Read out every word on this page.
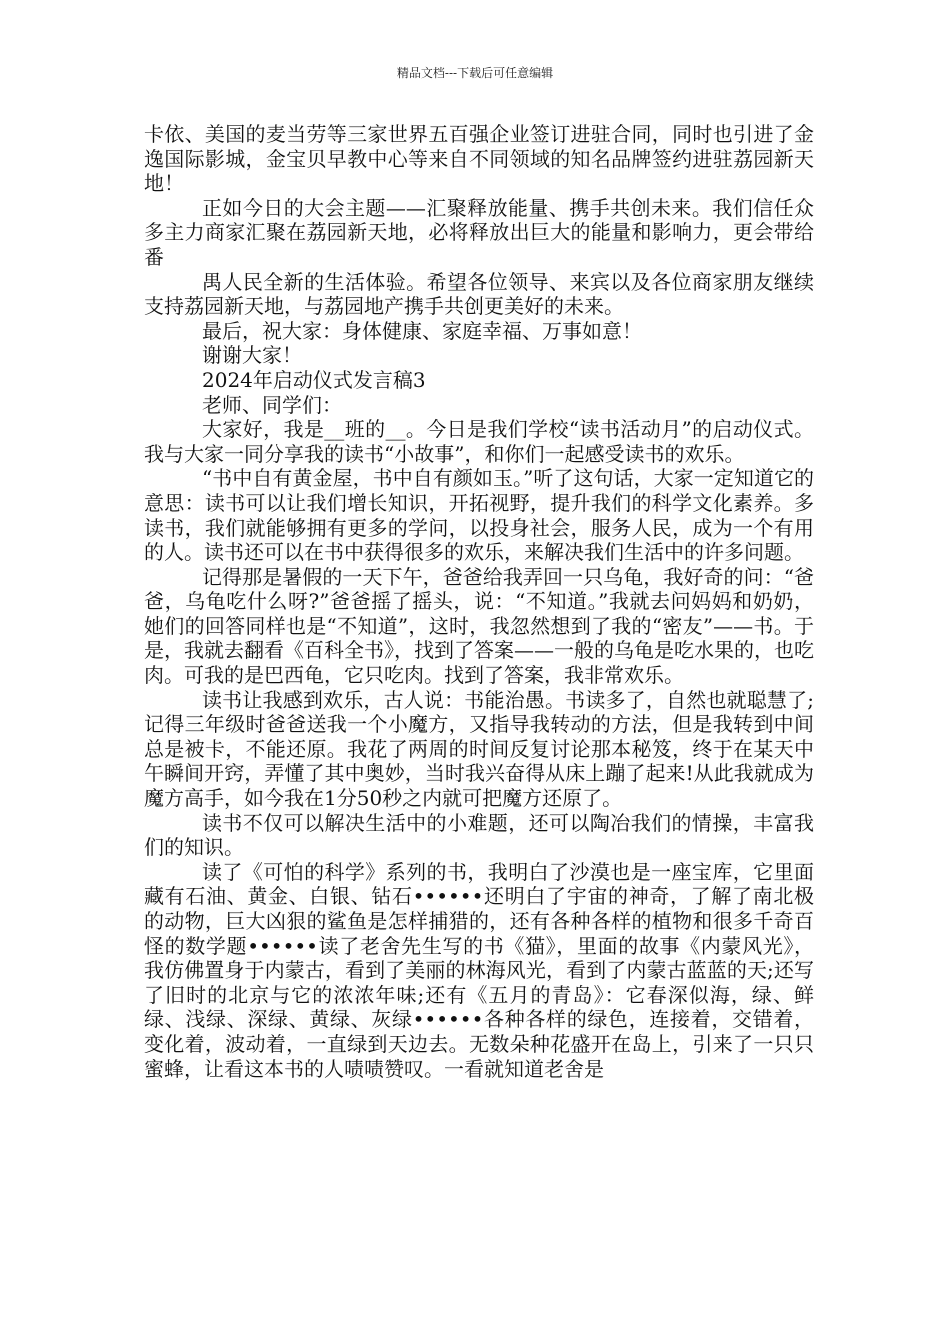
精品文档---下载后可任意编辑

卡依、美国的麦当劳等三家世界五百强企业签订进驻合同，同时也引进了金逸国际影城，金宝贝早教中心等来自不同领域的知名品牌签约进驻荔园新天地！

正如今日的大会主题——汇聚释放能量、携手共创未来。我们信任众多主力商家汇聚在荔园新天地，必将释放出巨大的能量和影响力，更会带给番

禺人民全新的生活体验。希望各位领导、来宾以及各位商家朋友继续支持荔园新天地，与荔园地产携手共创更美好的未来。

最后，祝大家：身体健康、家庭幸福、万事如意！

谢谢大家！

2024年启动仪式发言稿3

老师、同学们：

大家好，我是__班的__。今日是我们学校“读书活动月”的启动仪式。我与大家一同分享我的读书“小故事”，和你们一起感受读书的欢乐。

“书中自有黄金屋，书中自有颜如玉。”听了这句话，大家一定知道它的意思：读书可以让我们增长知识，开拓视野，提升我们的科学文化素养。多读书，我们就能够拥有更多的学问，以投身社会，服务人民，成为一个有用的人。读书还可以在书中获得很多的欢乐，来解决我们生活中的许多问题。

记得那是暑假的一天下午，爸爸给我弄回一只乌龟，我好奇的问：“爸爸，乌龟吃什么呀?”爸爸摇了摇头，说：“不知道。”我就去问妈妈和奶奶，她们的回答同样也是“不知道”，这时，我忽然想到了我的“密友”——书。于是，我就去翻看《百科全书》，找到了答案——一般的乌龟是吃水果的，也吃肉。可我的是巴西龟，它只吃肉。找到了答案，我非常欢乐。

读书让我感到欢乐，古人说：书能治愚。书读多了，自然也就聪慧了;记得三年级时爸爸送我一个小魔方，又指导我转动的方法，但是我转到中间总是被卡，不能还原。我花了两周的时间反复讨论那本秘笈，终于在某天中午瞬间开窍，弄懂了其中奥妙，当时我兴奋得从床上蹦了起来!从此我就成为魔方高手，如今我在1分50秒之内就可把魔方还原了。

读书不仅可以解决生活中的小难题，还可以陶冶我们的情操，丰富我们的知识。

读了《可怕的科学》系列的书，我明白了沙漠也是一座宝库，它里面藏有石油、黄金、白银、钻石••••••还明白了宇宙的神奇，了解了南北极的动物，巨大凶狠的鲨鱼是怎样捕猎的，还有各种各样的植物和很多千奇百怪的数学题••••••读了老舍先生写的书《猫》，里面的故事《内蒙风光》，我仿佛置身于内蒙古，看到了美丽的林海风光，看到了内蒙古蓝蓝的天;还写了旧时的北京与它的浓浓年味;还有《五月的青岛》：它春深似海，绿、鲜绿、浅绿、深绿、黄绿、灰绿••••••各种各样的绿色，连接着，交错着，变化着，波动着，一直绿到天边去。无数朵种花盛开在岛上，引来了一只只蜜蜂，让看这本书的人啧啧赞叹。一看就知道老舍是
